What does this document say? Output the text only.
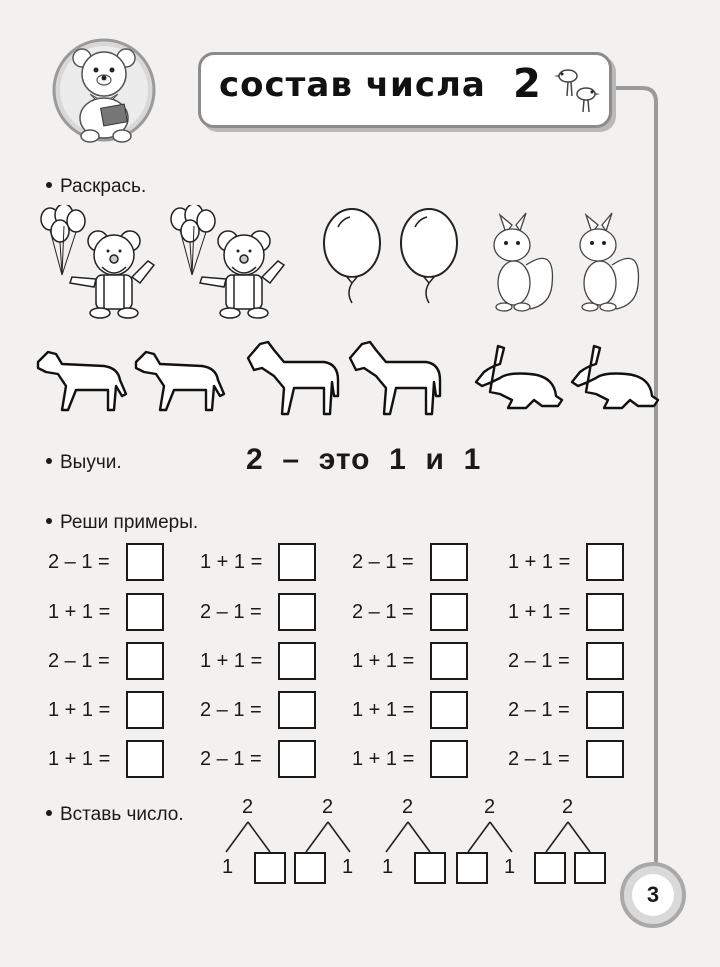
состав числа 2
Раскрась.
Выучи.	2  –  это  1  и  1
Реши примеры.
2 – 1 =	1 + 1 =	2 – 1 =	1 + 1 =
1 + 1 =	2 – 1 =	2 – 1 =	1 + 1 =
2 – 1 =	1 + 1 =	1 + 1 =	2 – 1 =
1 + 1 =	2 – 1 =	1 + 1 =	2 – 1 =
1 + 1 =	2 – 1 =	1 + 1 =	2 – 1 =
Вставь число.	2
1
2
1
2
1
2
1
2
3
